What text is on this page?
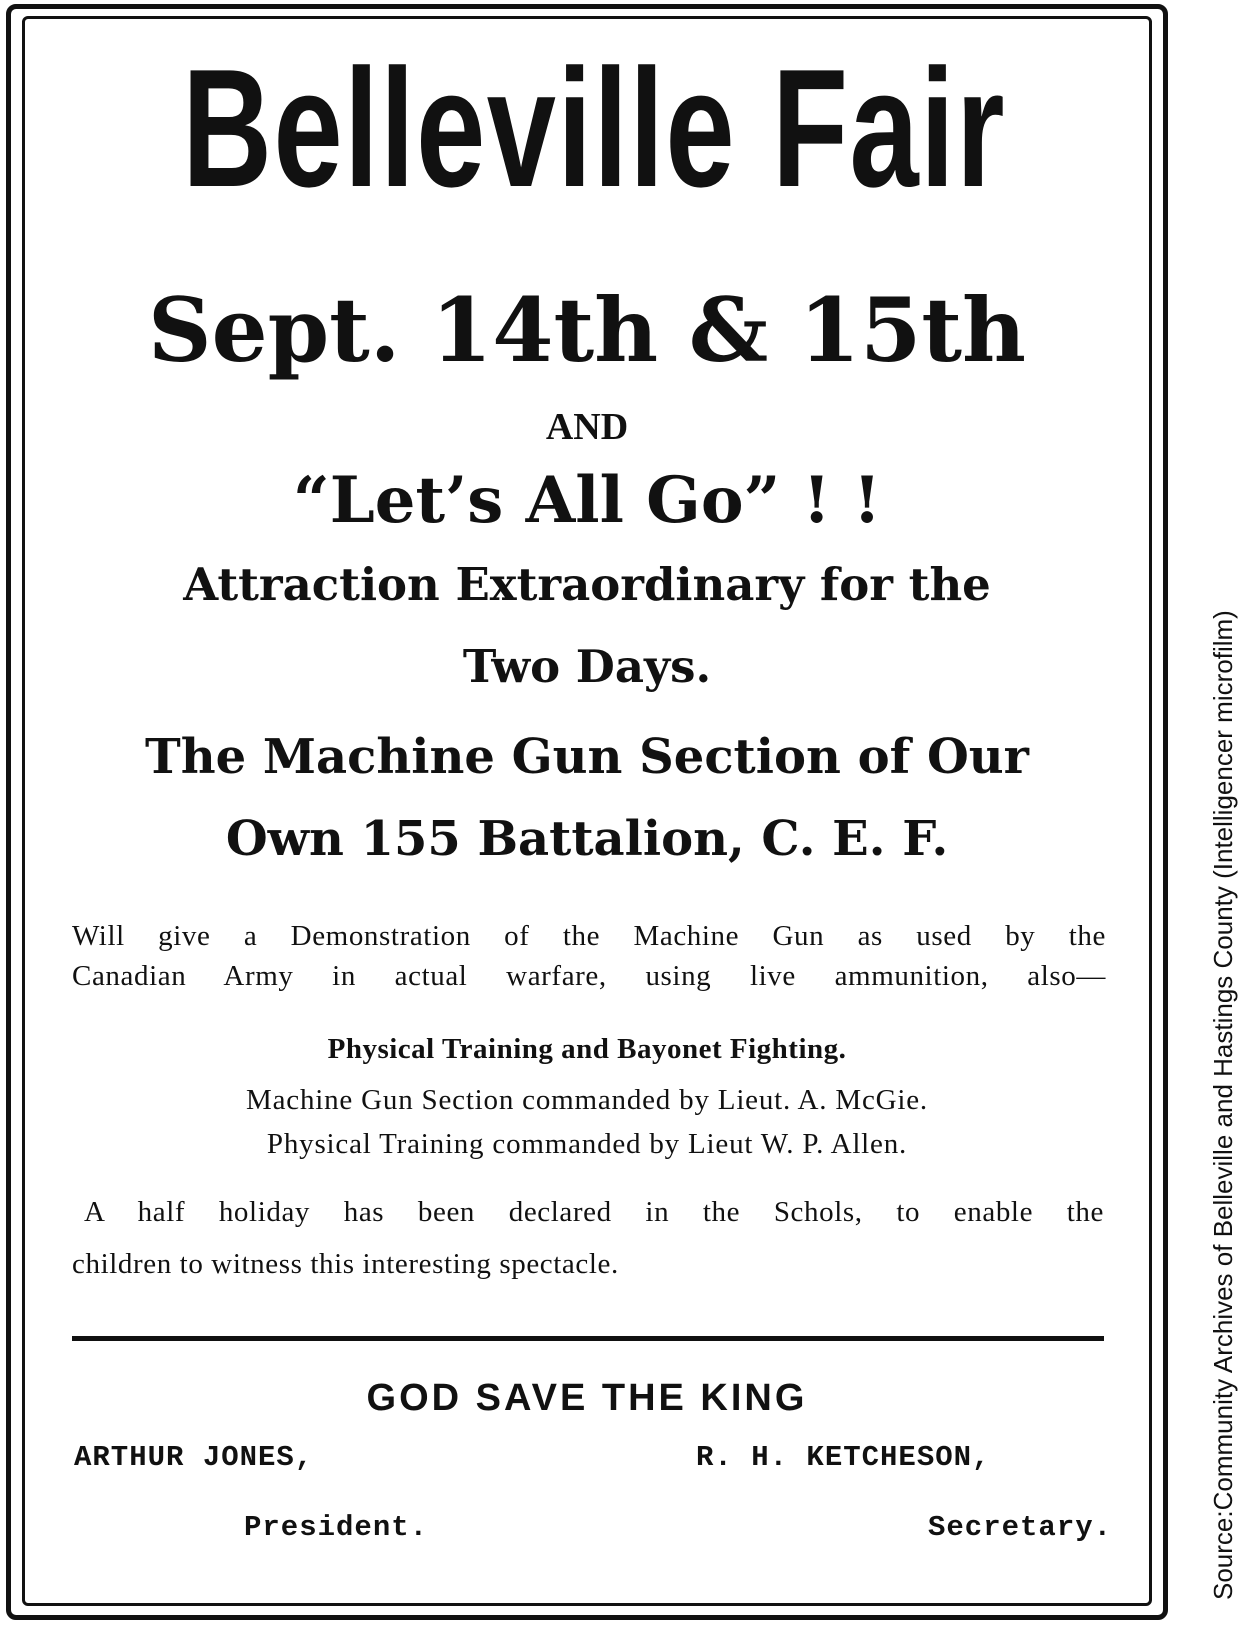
Belleville Fair
Sept. 14th & 15th
AND
“Let’s All Go” ! !
Attraction Extraordinary for the
Two Days.
The Machine Gun Section of Our
Own 155 Battalion, C. E. F.
Will give a Demonstration of the Machine Gun as used by the
Canadian Army in actual warfare, using live ammunition, also—
Physical Training and Bayonet Fighting.
Machine Gun Section commanded by Lieut. A. McGie.
Physical Training commanded by Lieut W. P. Allen.
A half holiday has been declared in the Schols, to enable the
children to witness this interesting spectacle.
GOD SAVE THE KING
ARTHUR JONES,	R. H. KETCHESON,
President.	Secretary.	Source:Community Archives of Belleville and Hastings County (Intelligencer microfilm)
